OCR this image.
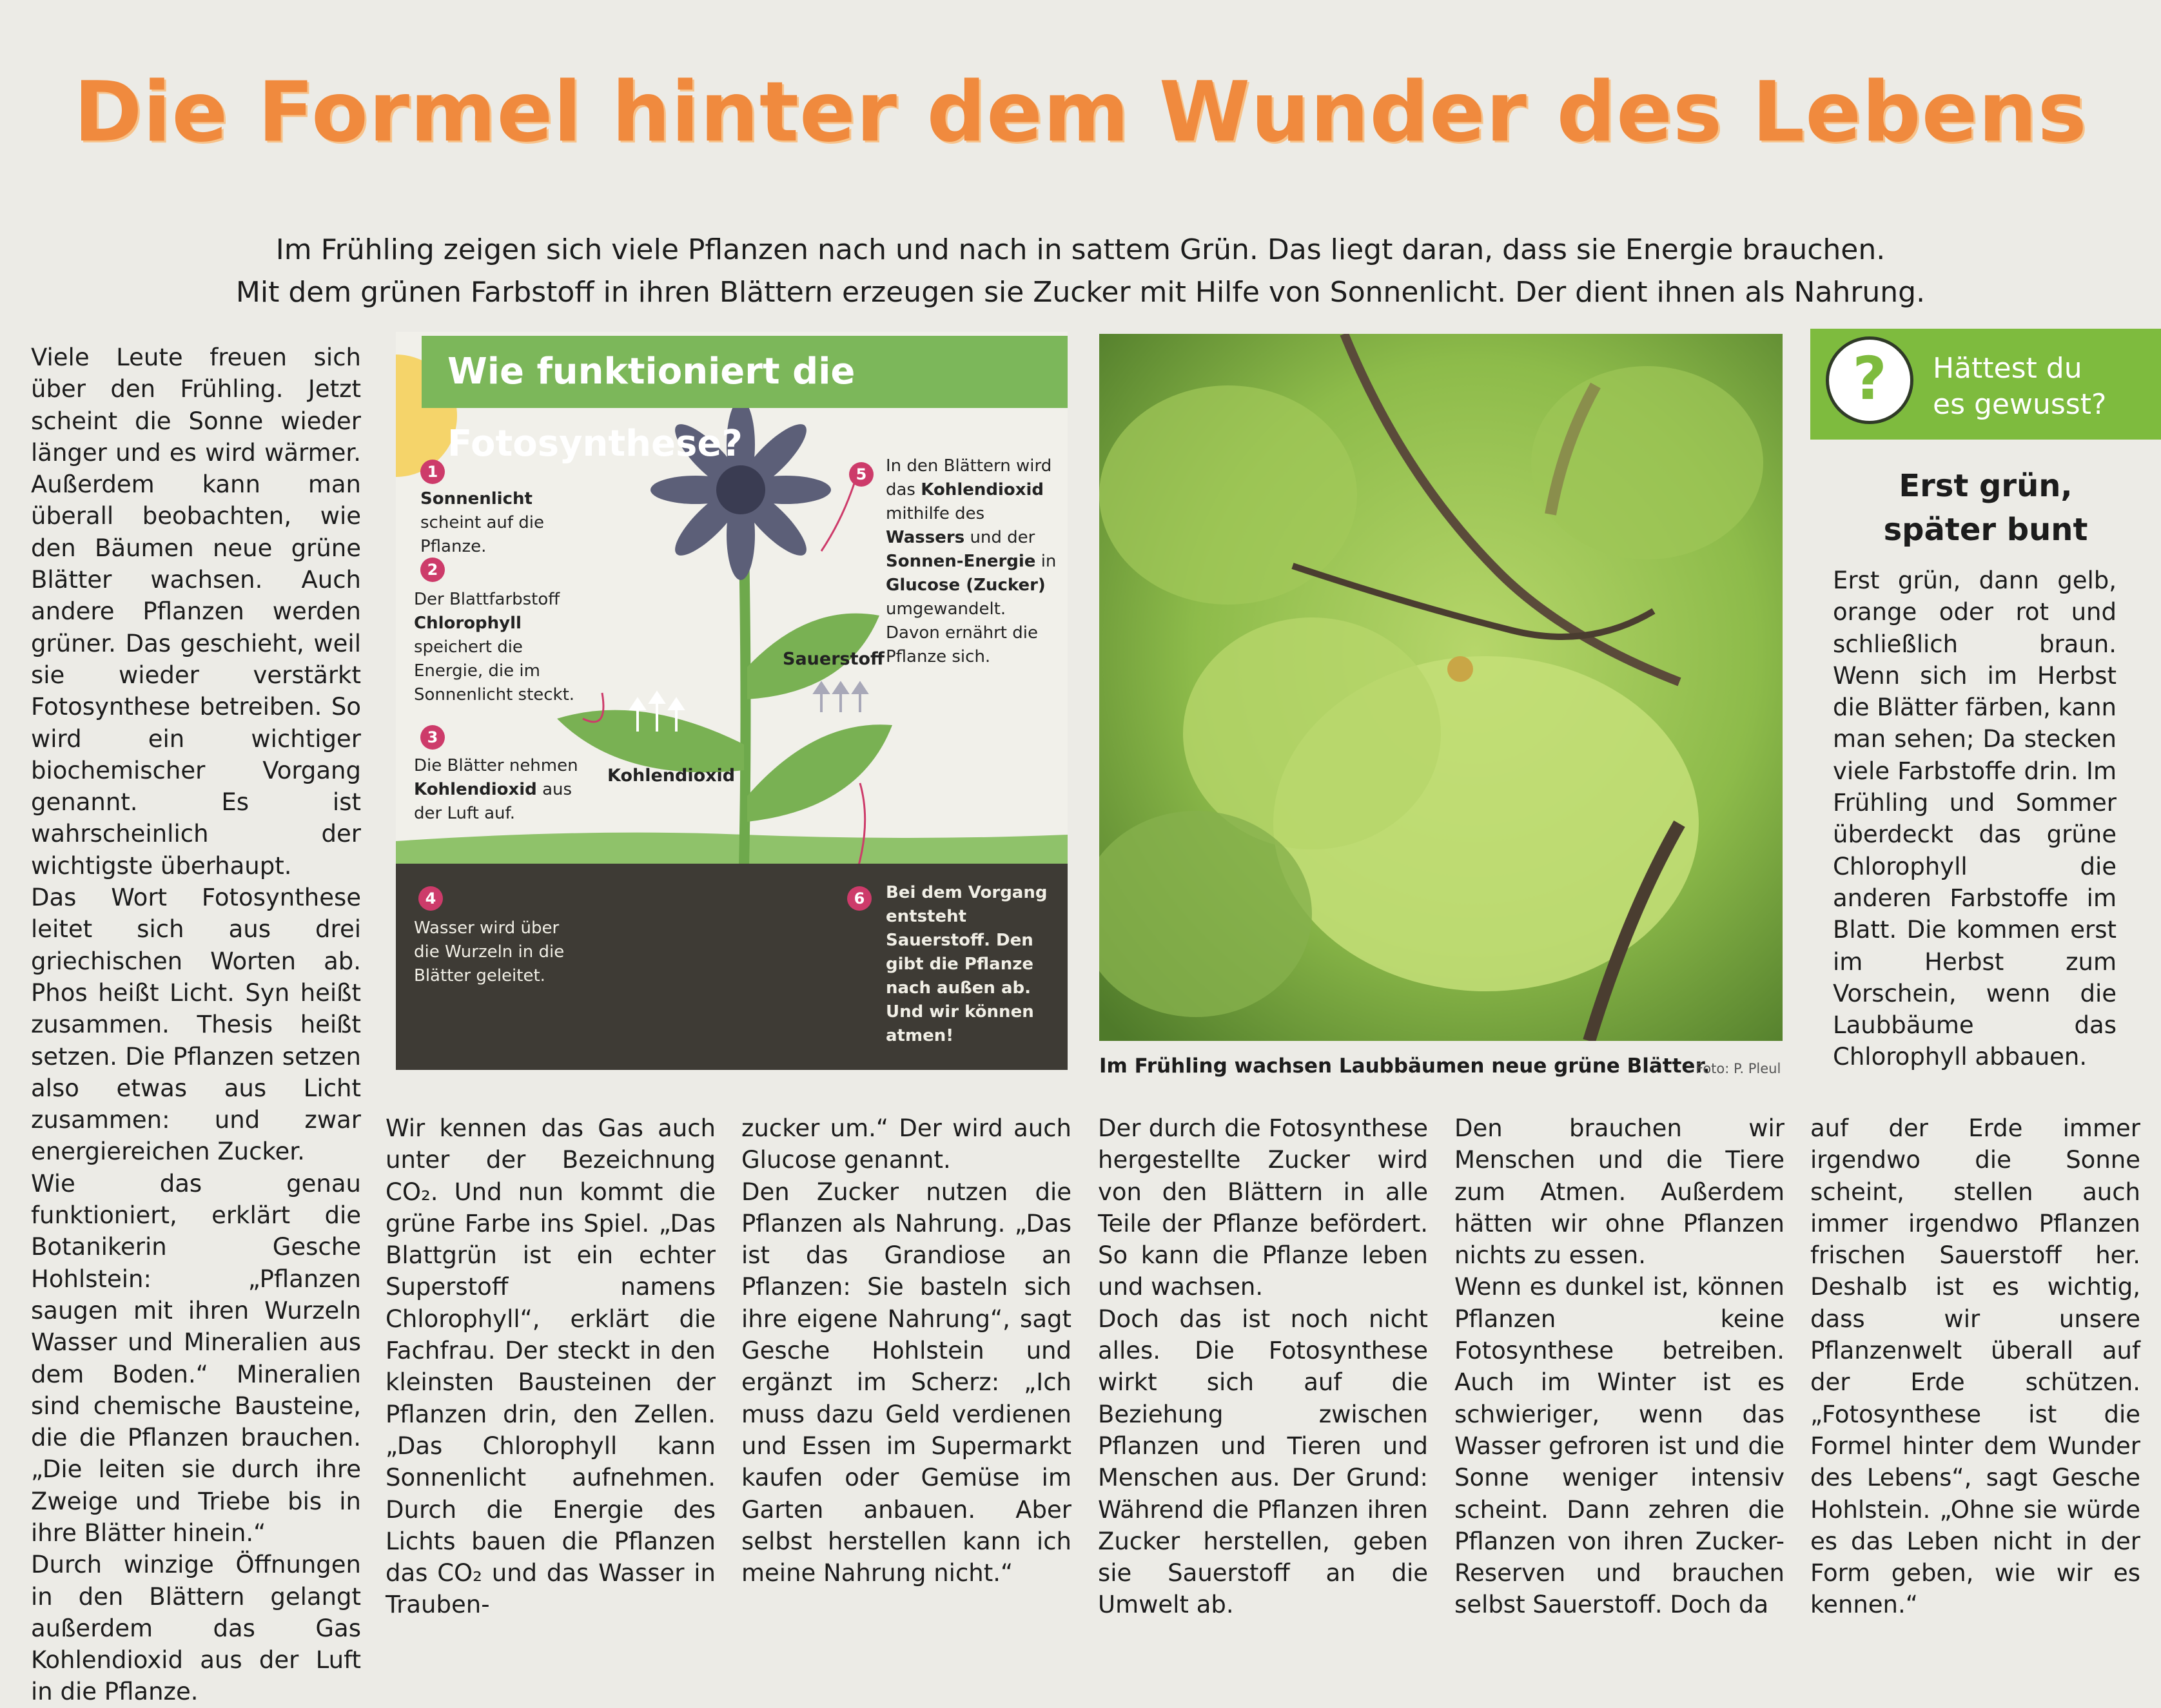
Die Formel hinter dem Wunder des Lebens
Im Frühling zeigen sich viele Pflanzen nach und nach in sattem Grün. Das liegt daran, dass sie Energie brauchen.
Mit dem grünen Farbstoff in ihren Blättern erzeugen sie Zucker mit Hilfe von Sonnenlicht. Der dient ihnen als Nahrung.

Viele Leute freuen sich über den Frühling. Jetzt scheint die Sonne wieder länger und es wird wärmer. Außerdem kann man überall beobachten, wie den Bäumen neue grüne Blätter wachsen. Auch andere Pflanzen werden grüner. Das geschieht, weil sie wieder verstärkt Fotosynthese betreiben. So wird ein wichtiger biochemischer Vorgang genannt. Es ist wahrscheinlich der wichtigste überhaupt.

Das Wort Fotosynthese leitet sich aus drei griechischen Worten ab. Phos heißt Licht. Syn heißt zusammen. Thesis heißt setzen. Die Pflanzen setzen also etwas aus Licht zusammen: und zwar energiereichen Zucker.

Wie das genau funktioniert, erklärt die Botanikerin Gesche Hohlstein: „Pflanzen saugen mit ihren Wurzeln Wasser und Mineralien aus dem Boden.“ Mineralien sind chemische Bausteine, die die Pflanzen brauchen. „Die leiten sie durch ihre Zweige und Triebe bis in ihre Blätter hinein.“

Durch winzige Öffnungen in den Blättern gelangt außerdem das Gas Kohlendioxid aus der Luft in die Pflanze.

Wie funktioniert die Fotosynthese?
1
Sonnenlicht scheint auf die Pflanze.
2
Der Blattfarbstoff Chlorophyll speichert die Energie, die im Sonnenlicht steckt.
3
Die Blätter nehmen Kohlendioxid aus der Luft auf.
4
Wasser wird über die Wurzeln in die Blätter geleitet.
5	In den Blättern wird das Kohlendioxid mithilfe des Wassers und der Sonnen-Energie in Glucose (Zucker) umgewandelt. Davon ernährt die Pflanze sich.
6	Bei dem Vorgang entsteht Sauerstoff. Den gibt die Pflanze nach außen ab. Und wir können atmen!
Sauerstoff
Kohlendioxid
Im Frühling wachsen Laubbäumen neue grüne Blätter.
Foto: P. Pleul
?	Hättest du
es gewusst?
Erst grün,
später bunt

Erst grün, dann gelb, orange oder rot und schließlich braun. Wenn sich im Herbst die Blätter färben, kann man sehen; Da stecken viele Farbstoffe drin. Im Frühling und Sommer überdeckt das grüne Chlorophyll die anderen Farbstoffe im Blatt. Die kommen erst im Herbst zum Vorschein, wenn die Laubbäume das Chlorophyll abbauen.

Wir kennen das Gas auch unter der Bezeichnung CO₂. Und nun kommt die grüne Farbe ins Spiel. „Das Blattgrün ist ein echter Superstoff namens Chlorophyll“, erklärt die Fachfrau. Der steckt in den kleinsten Bausteinen der Pflanzen drin, den Zellen. „Das Chlorophyll kann Sonnenlicht aufnehmen. Durch die Energie des Lichts bauen die Pflanzen das CO₂ und das Wasser in Trauben-

zucker um.“ Der wird auch Glucose genannt.

Den Zucker nutzen die Pflanzen als Nahrung. „Das ist das Grandiose an Pflanzen: Sie basteln sich ihre eigene Nahrung“, sagt Gesche Hohlstein und ergänzt im Scherz: „Ich muss dazu Geld verdienen und Essen im Supermarkt kaufen oder Gemüse im Garten anbauen. Aber selbst herstellen kann ich meine Nahrung nicht.“

Der durch die Fotosynthese hergestellte Zucker wird von den Blättern in alle Teile der Pflanze befördert. So kann die Pflanze leben und wachsen.

Doch das ist noch nicht alles. Die Fotosynthese wirkt sich auf die Beziehung zwischen Pflanzen und Tieren und Menschen aus. Der Grund: Während die Pflanzen ihren Zucker herstellen, geben sie Sauerstoff an die Umwelt ab.

Den brauchen wir Menschen und die Tiere zum Atmen. Außerdem hätten wir ohne Pflanzen nichts zu essen.

Wenn es dunkel ist, können Pflanzen keine Fotosynthese betreiben. Auch im Winter ist es schwieriger, wenn das Wasser gefroren ist und die Sonne weniger intensiv scheint. Dann zehren die Pflanzen von ihren Zucker-Reserven und brauchen selbst Sauerstoff. Doch da

auf der Erde immer irgendwo die Sonne scheint, stellen auch immer irgendwo Pflanzen frischen Sauerstoff her. Deshalb ist es wichtig, dass wir unsere Pflanzenwelt überall auf der Erde schützen. „Fotosynthese ist die Formel hinter dem Wunder des Lebens“, sagt Gesche Hohlstein. „Ohne sie würde es das Leben nicht in der Form geben, wie wir es kennen.“
